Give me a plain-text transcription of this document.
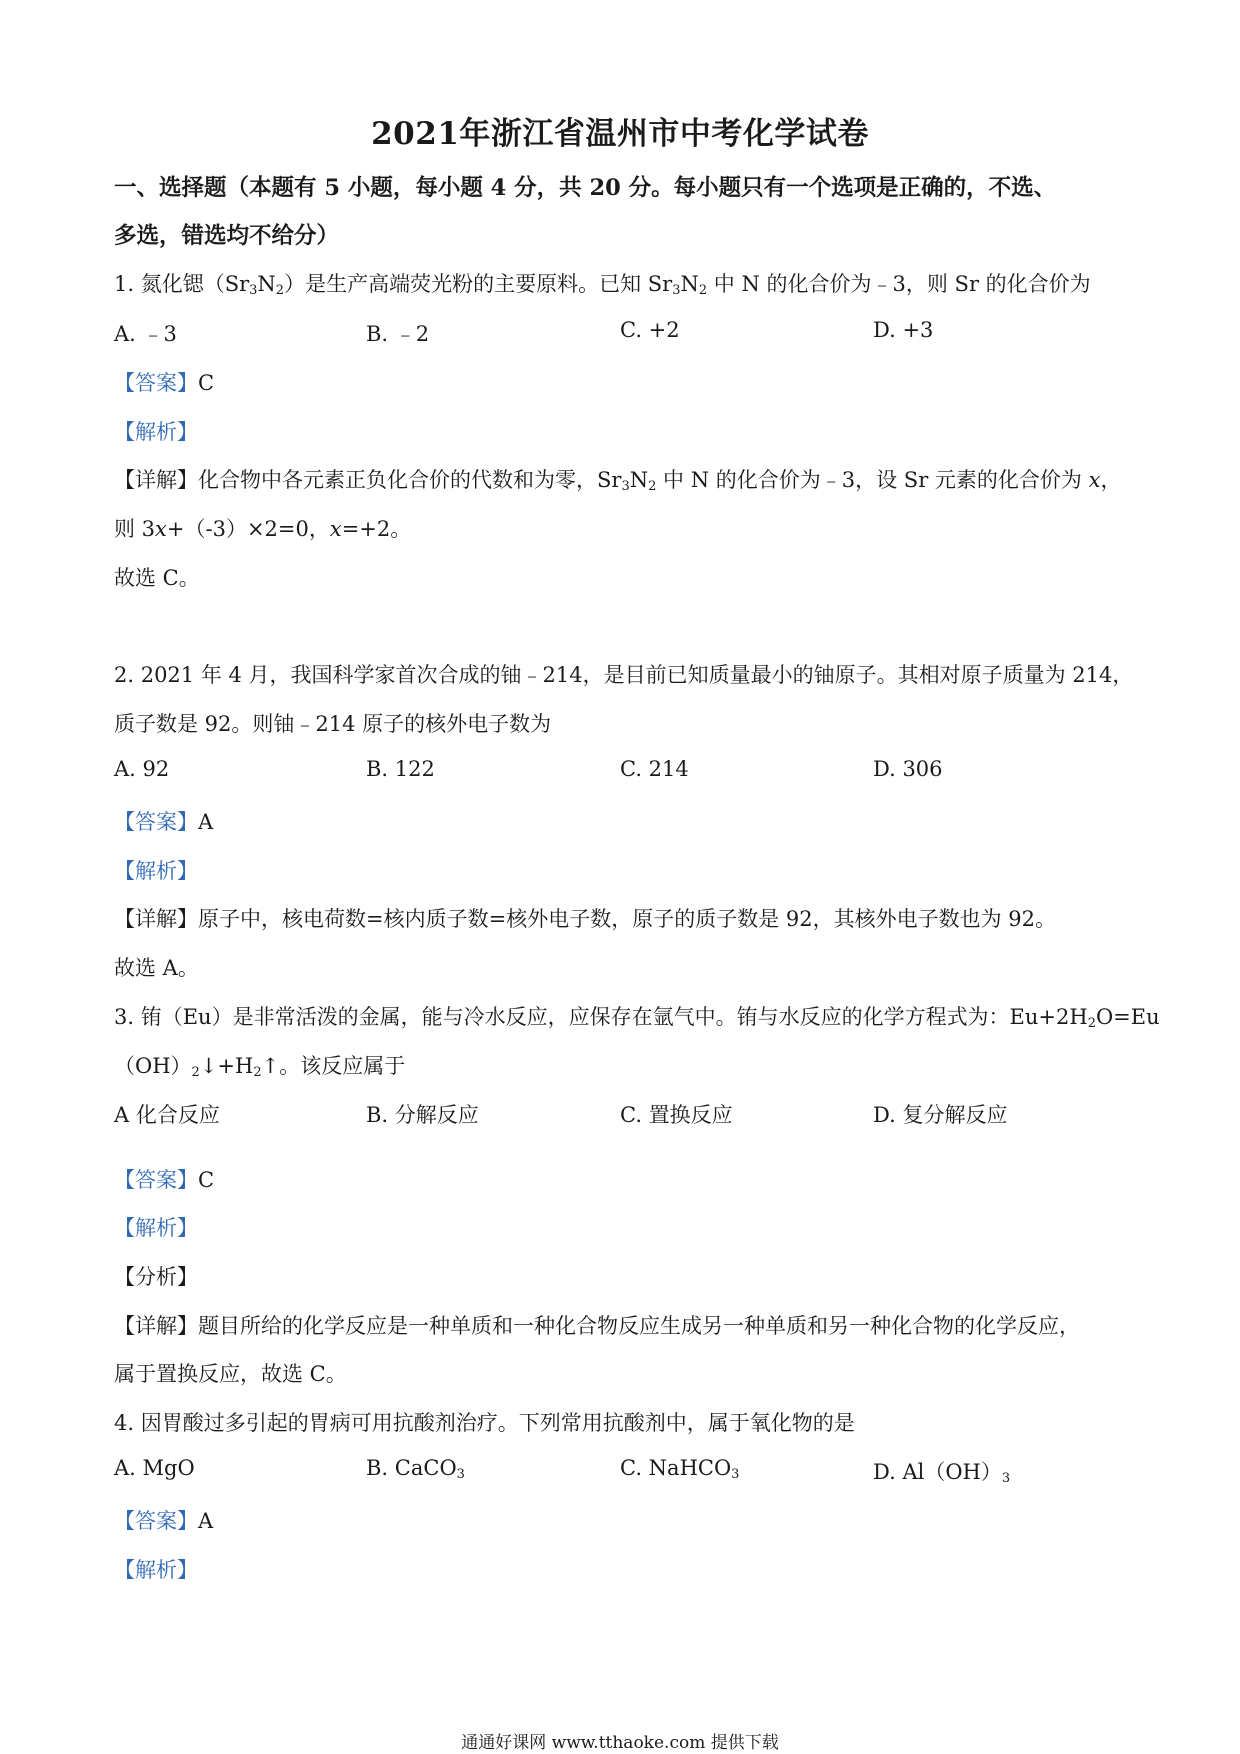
2021年浙江省温州市中考化学试卷
一、选择题（本题有 5 小题，每小题 4 分，共 20 分。每小题只有一个选项是正确的，不选、
多选，错选均不给分）
1. 氮化锶$(Sr_3N_2)$是生产高端荧光粉的主要原料。已知 $Sr_3N_2$ 中 N 的化合价为﹣3，则 Sr 的化合价为
A. ﹣3	B. ﹣2	C. +2	D. +3
【答案】C
【解析】
【详解】化合物中各元素正负化合价的代数和为零，$Sr_3N_2$ 中 N 的化合价为﹣3，设 Sr 元素的化合价为 x，
则 3x+（-3）×2=0，x=+2。
故选 C。
2. 2021 年 4 月，我国科学家首次合成的铀﹣214，是目前已知质量最小的铀原子。其相对原子质量为 214，
质子数是 92。则铀﹣214 原子的核外电子数为
A. 92	B. 122	C. 214	D. 306
【答案】A
【解析】
【详解】原子中，核电荷数=核内质子数=核外电子数，原子的质子数是 92，其核外电子数也为 92。
故选 A。
3. 铕（Eu）是非常活泼的金属，能与冷水反应，应保存在氩气中。铕与水反应的化学方程式为：$Eu+2H_2O=Eu$
$(OH)_2↓+H_2↑$。该反应属于
A 化合反应	B. 分解反应	C. 置换反应	D. 复分解反应
【答案】C
【解析】
【分析】
【详解】题目所给的化学反应是一种单质和一种化合物反应生成另一种单质和另一种化合物的化学反应，
属于置换反应，故选 C。
4. 因胃酸过多引起的胃病可用抗酸剂治疗。下列常用抗酸剂中，属于氧化物的是
A. MgO	B. CaCO$_3$	C. NaHCO$_3$	D. $Al(OH)_3$
【答案】A
【解析】
通通好课网 www.tthaoke.com 提供下载
